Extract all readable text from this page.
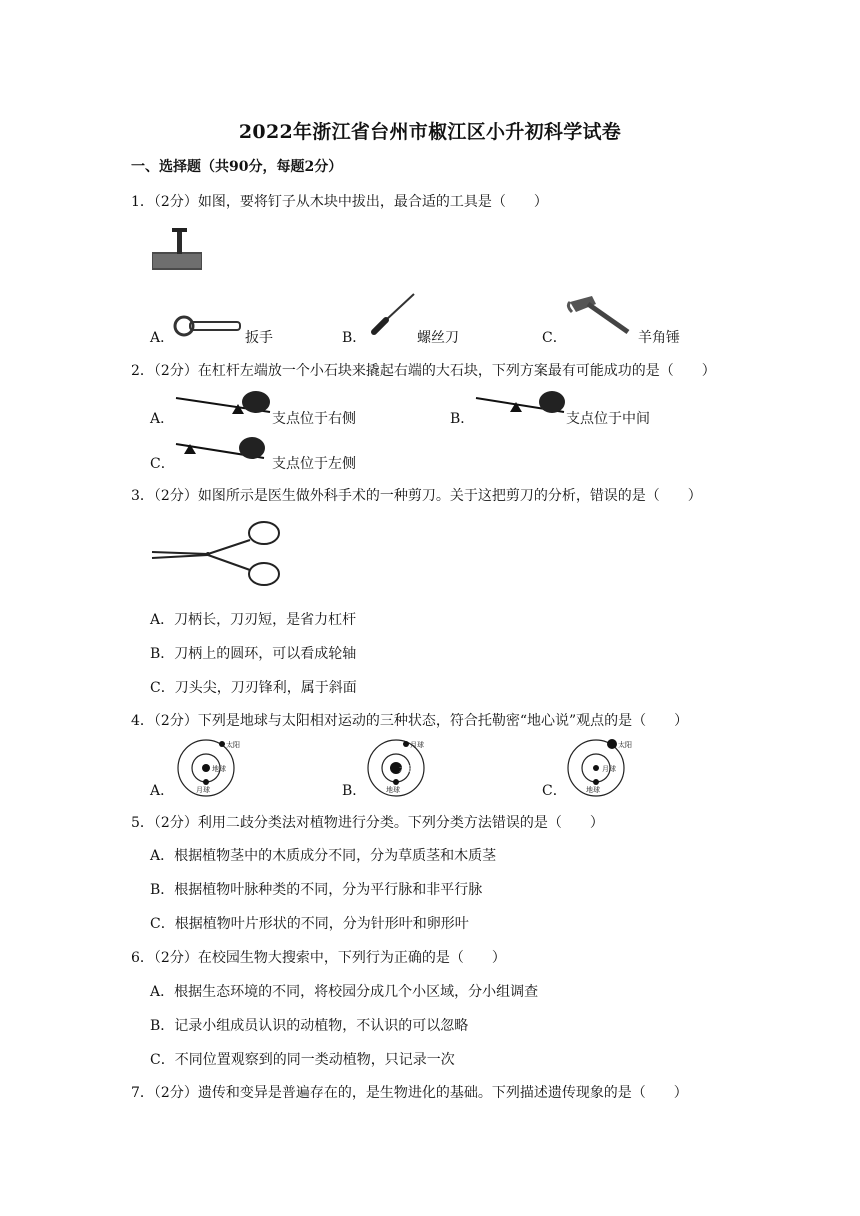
2022年浙江省台州市椒江区小升初科学试卷
一、选择题（共90分，每题2分）
1．（2分）如图，要将钉子从木块中拔出，最合适的工具是（　　）
A．	扳手	B．	螺丝刀	C．	羊角锤
2．（2分）在杠杆左端放一个小石块来撬起右端的大石块，下列方案最有可能成功的是（　　）
A．	支点位于右侧	B．	支点位于中间
C．	支点位于左侧
3．（2分）如图所示是医生做外科手术的一种剪刀。关于这把剪刀的分析，错误的是（　　）
A．刀柄长，刀刃短，是省力杠杆
B．刀柄上的圆环，可以看成轮轴
C．刀头尖，刀刃锋利，属于斜面
4．（2分）下列是地球与太阳相对运动的三种状态，符合托勒密“地心说”观点的是（　　）
A．
太阳
地球
月球	B．
月球
太阳
地球	C．
太阳
月球
地球
5．（2分）利用二歧分类法对植物进行分类。下列分类方法错误的是（　　）
A．根据植物茎中的木质成分不同，分为草质茎和木质茎
B．根据植物叶脉种类的不同，分为平行脉和非平行脉
C．根据植物叶片形状的不同，分为针形叶和卵形叶
6．（2分）在校园生物大搜索中，下列行为正确的是（　　）
A．根据生态环境的不同，将校园分成几个小区域，分小组调查
B．记录小组成员认识的动植物，不认识的可以忽略
C．不同位置观察到的同一类动植物，只记录一次
7．（2分）遗传和变异是普遍存在的，是生物进化的基础。下列描述遗传现象的是（　　）
